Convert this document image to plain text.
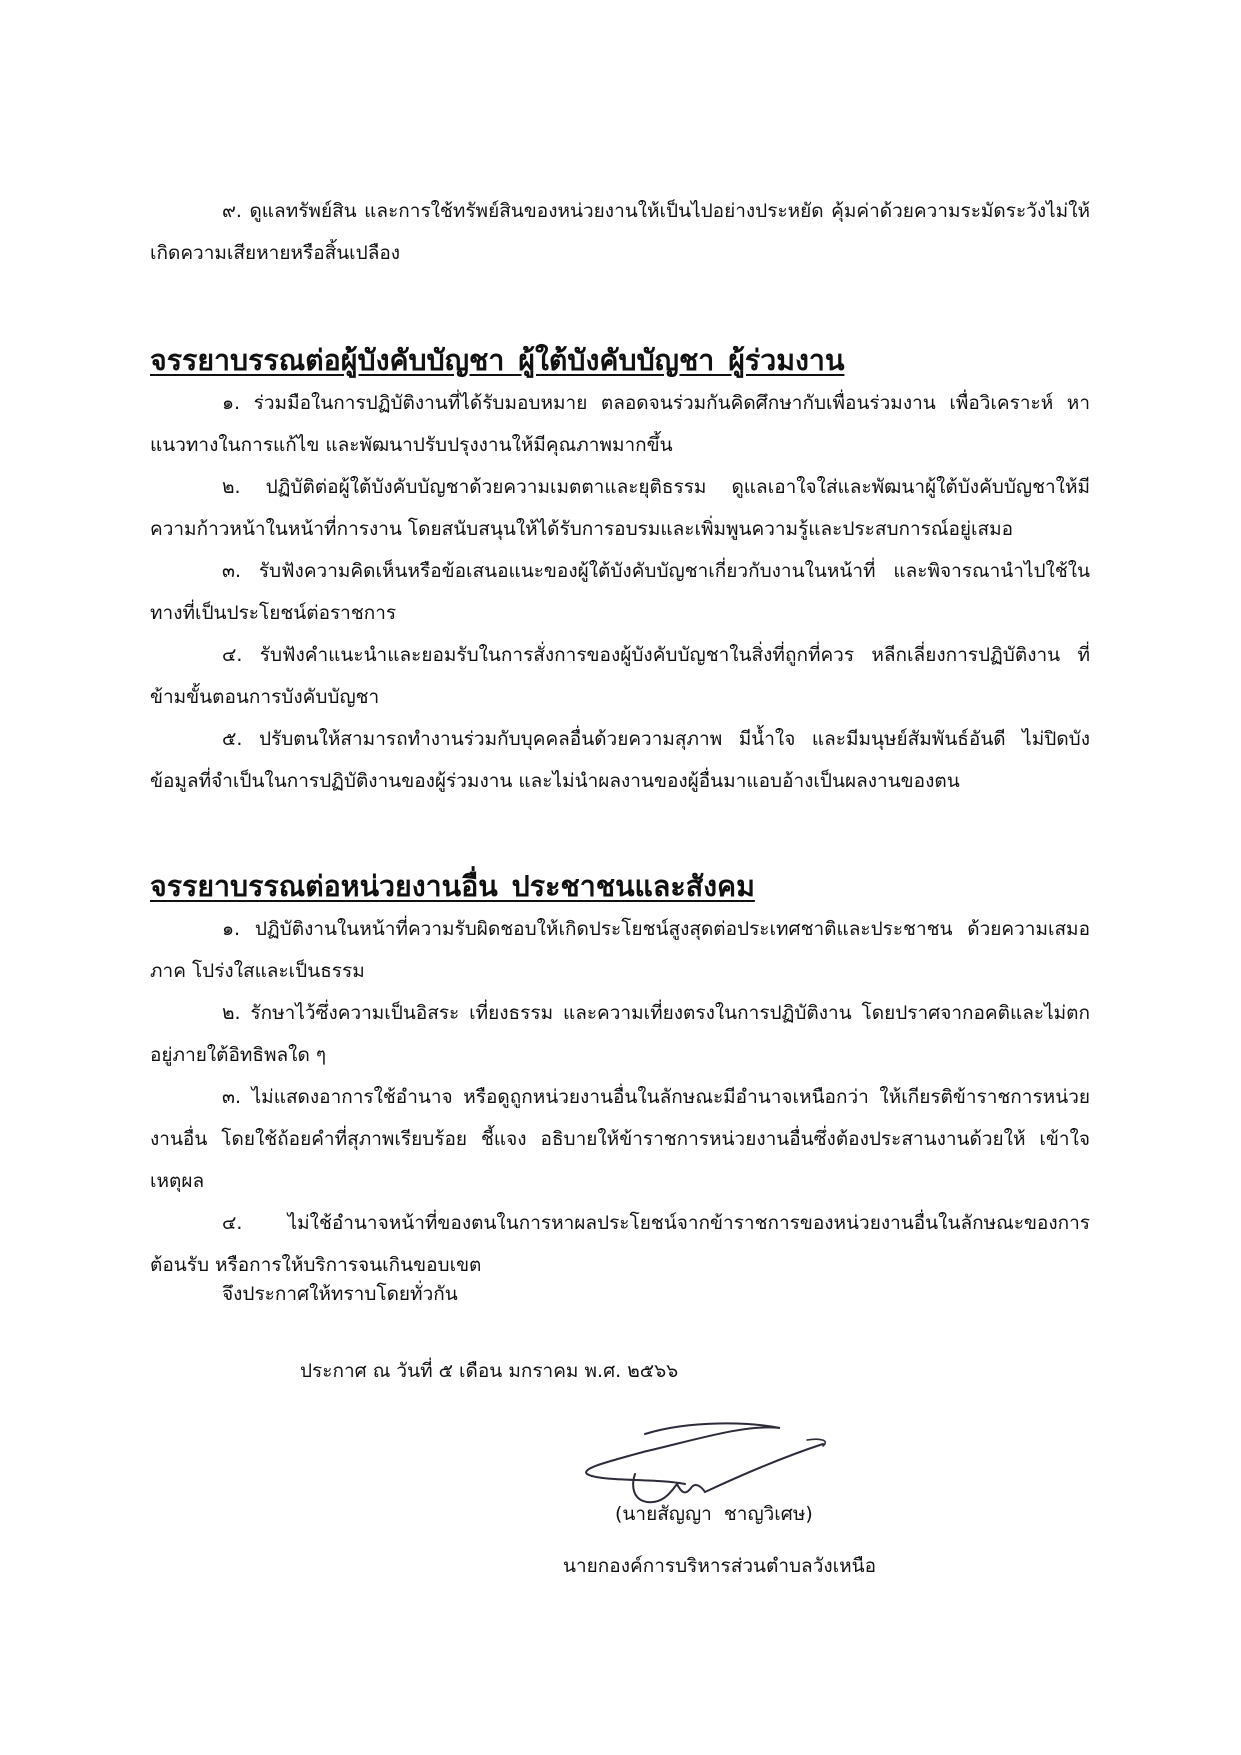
๙. ดูแลทรัพย์สิน และการใช้ทรัพย์สินของหน่วยงานให้เป็นไปอย่างประหยัด คุ้มค่าด้วยความระมัดระวังไม่ให้เกิดความเสียหายหรือสิ้นเปลือง

จรรยาบรรณต่อผู้บังคับบัญชา ผู้ใต้บังคับบัญชา ผู้ร่วมงาน

๑. ร่วมมือในการปฏิบัติงานที่ได้รับมอบหมาย ตลอดจนร่วมกันคิดศึกษากับเพื่อนร่วมงาน เพื่อวิเคราะห์ หาแนวทางในการแก้ไข และพัฒนาปรับปรุงงานให้มีคุณภาพมากขึ้น

๒. ปฏิบัติต่อผู้ใต้บังคับบัญชาด้วยความเมตตาและยุติธรรม ดูแลเอาใจใส่และพัฒนาผู้ใต้บังคับบัญชาให้มีความก้าวหน้าในหน้าที่การงาน โดยสนับสนุนให้ได้รับการอบรมและเพิ่มพูนความรู้และประสบการณ์อยู่เสมอ

๓. รับฟังความคิดเห็นหรือข้อเสนอแนะของผู้ใต้บังคับบัญชาเกี่ยวกับงานในหน้าที่ และพิจารณานำไปใช้ในทางที่เป็นประโยชน์ต่อราชการ

๔. รับฟังคำแนะนำและยอมรับในการสั่งการของผู้บังคับบัญชาในสิ่งที่ถูกที่ควร หลีกเลี่ยงการปฏิบัติงาน ที่ข้ามขั้นตอนการบังคับบัญชา

๕. ปรับตนให้สามารถทำงานร่วมกับบุคคลอื่นด้วยความสุภาพ มีน้ำใจ และมีมนุษย์สัมพันธ์อันดี ไม่ปิดบัง ข้อมูลที่จำเป็นในการปฏิบัติงานของผู้ร่วมงาน และไม่นำผลงานของผู้อื่นมาแอบอ้างเป็นผลงานของตน

จรรยาบรรณต่อหน่วยงานอื่น ประชาชนและสังคม

๑. ปฏิบัติงานในหน้าที่ความรับผิดชอบให้เกิดประโยชน์สูงสุดต่อประเทศชาติและประชาชน ด้วยความเสมอภาค โปร่งใสและเป็นธรรม

๒. รักษาไว้ซึ่งความเป็นอิสระ เที่ยงธรรม และความเที่ยงตรงในการปฏิบัติงาน โดยปราศจากอคติและไม่ตกอยู่ภายใต้อิทธิพลใด ๆ

๓. ไม่แสดงอาการใช้อำนาจ หรือดูถูกหน่วยงานอื่นในลักษณะมีอำนาจเหนือกว่า ให้เกียรติข้าราชการหน่วยงานอื่น โดยใช้ถ้อยคำที่สุภาพเรียบร้อย ชี้แจง อธิบายให้ข้าราชการหน่วยงานอื่นซึ่งต้องประสานงานด้วยให้ เข้าใจเหตุผล

๔. ไม่ใช้อำนาจหน้าที่ของตนในการหาผลประโยชน์จากข้าราชการของหน่วยงานอื่นในลักษณะของการต้อนรับ หรือการให้บริการจนเกินขอบเขต

จึงประกาศให้ทราบโดยทั่วกัน
ประกาศ ณ วันที่ ๕ เดือน มกราคม พ.ศ. ๒๕๖๖
(นายสัญญา ชาญวิเศษ)
นายกองค์การบริหารส่วนตำบลวังเหนือ
